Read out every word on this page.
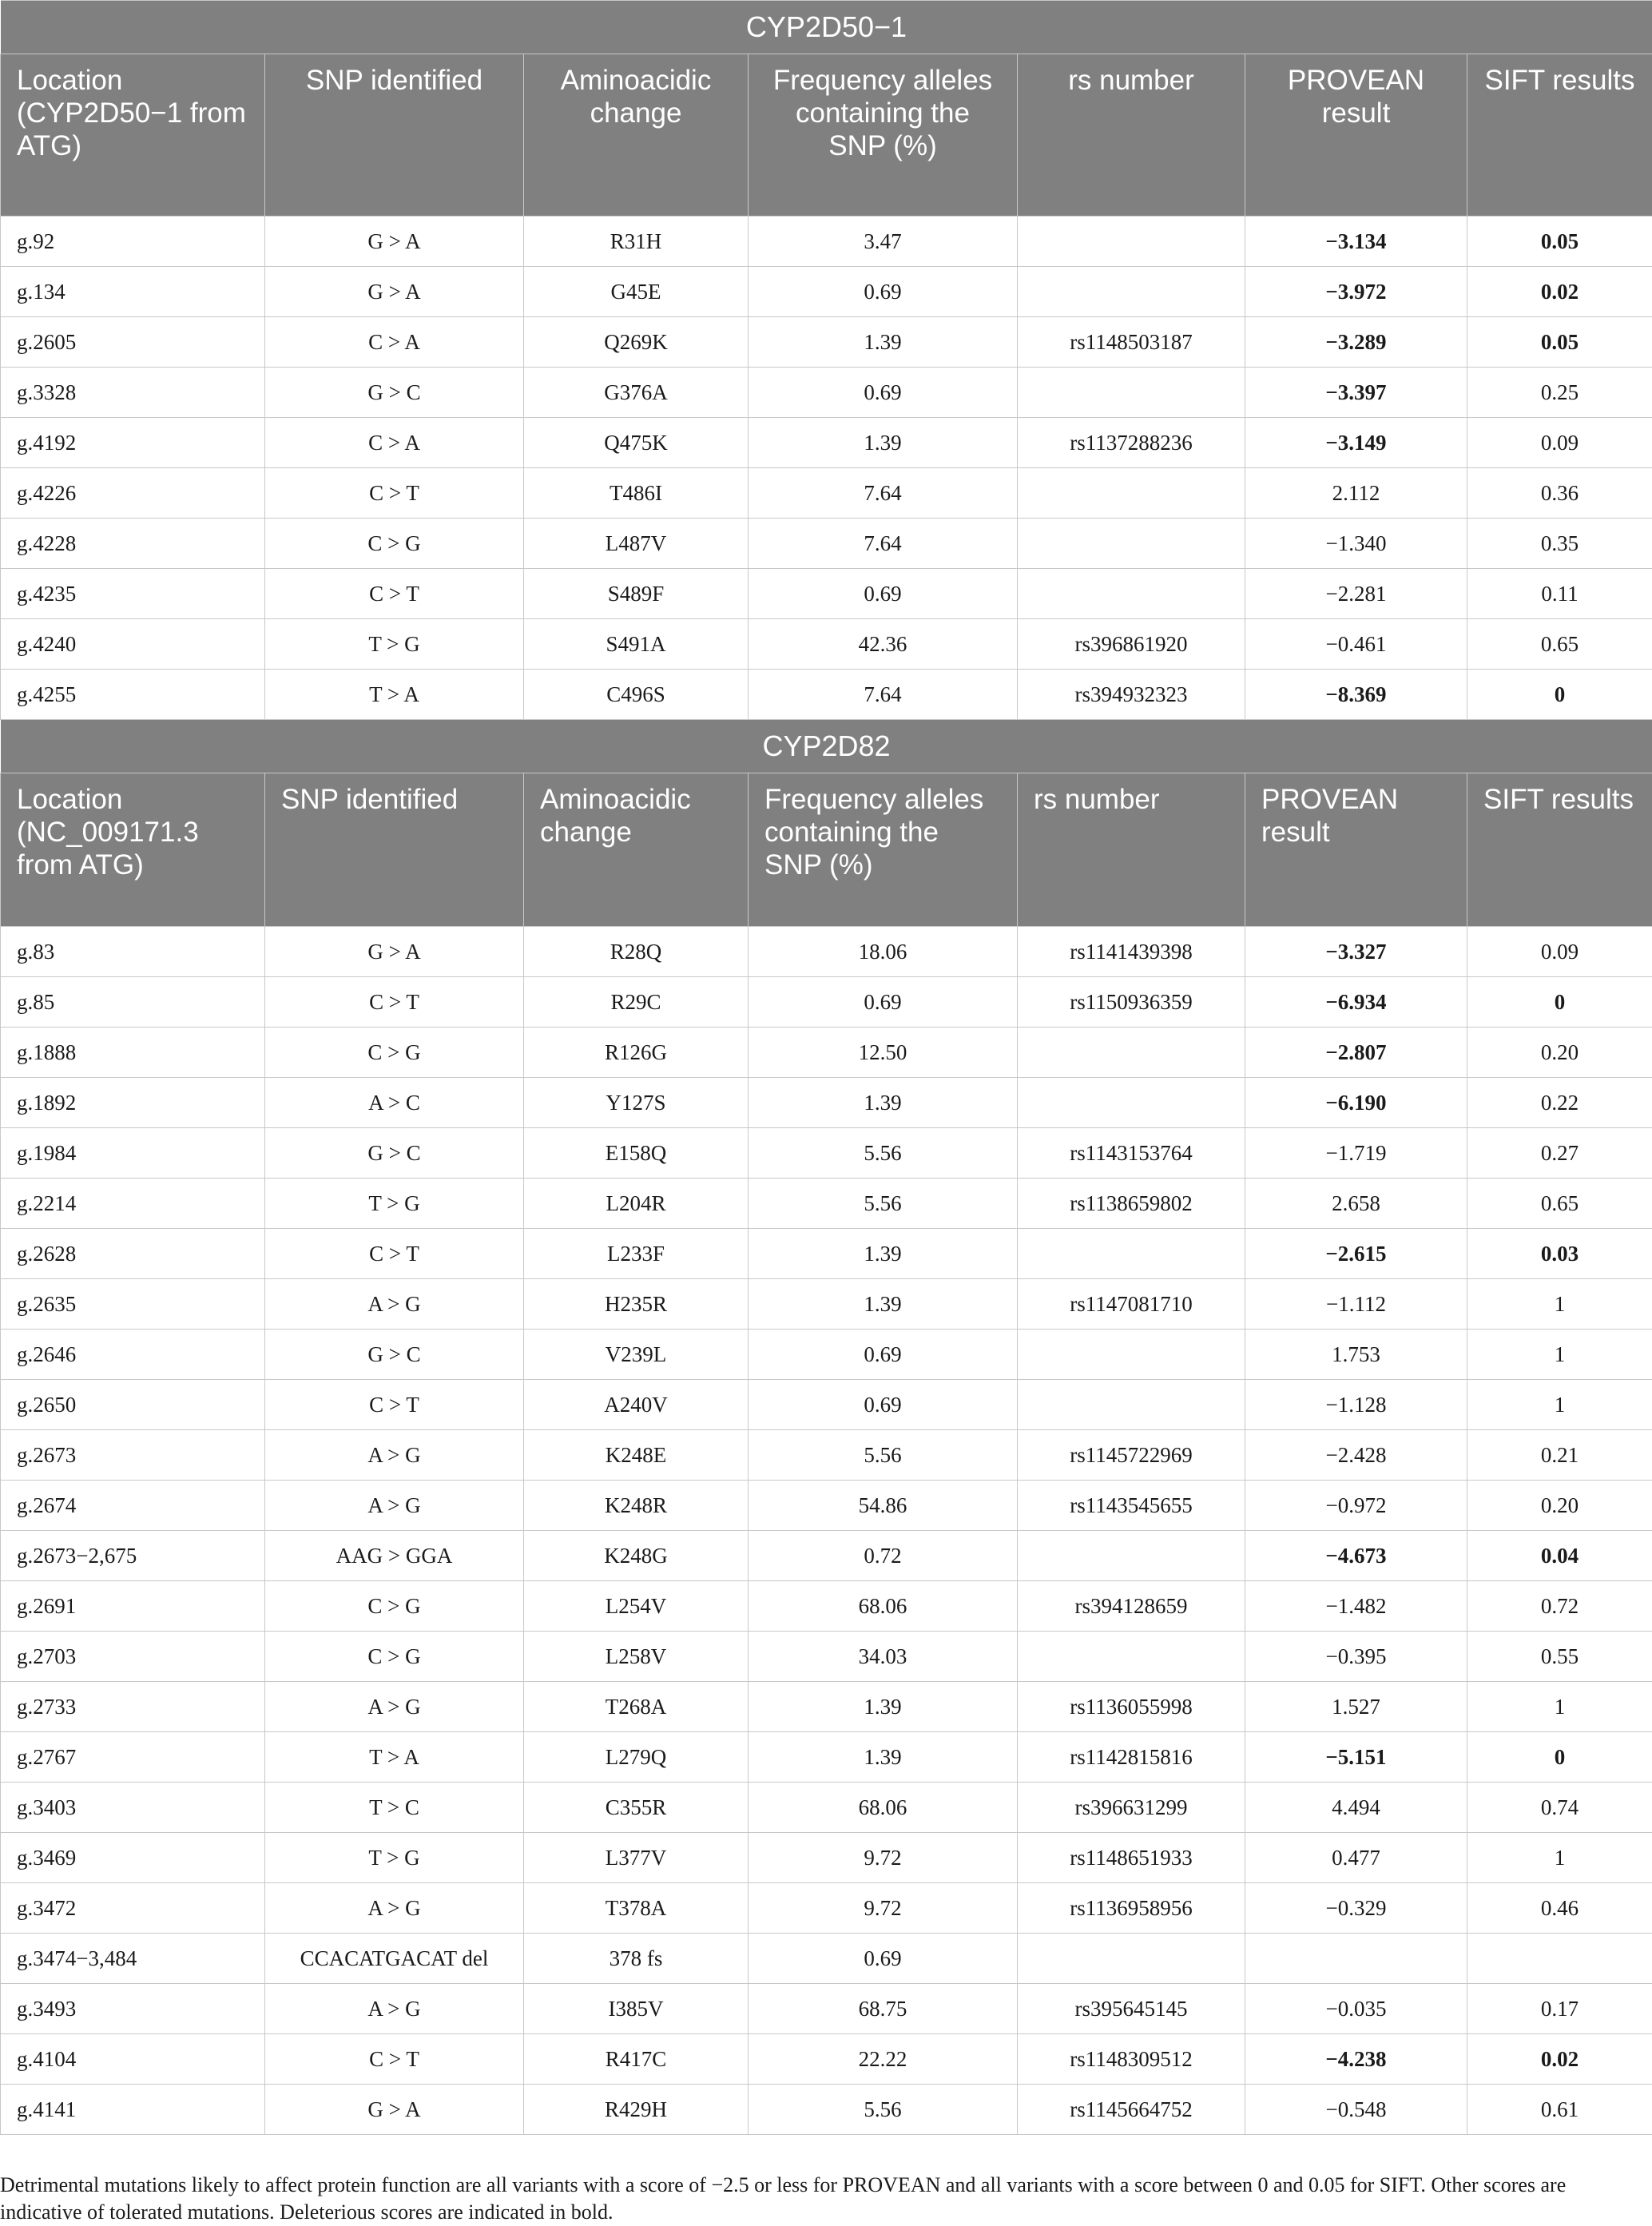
CYP2D50−1						
Location (CYP2D50−1 from ATG)	SNP identified	Aminoacidic change	Frequency alleles containing the SNP (%)	rs number	PROVEAN result	SIFT results
g.92	G > A	R31H	3.47		−3.134	0.05
g.134	G > A	G45E	0.69		−3.972	0.02
g.2605	C > A	Q269K	1.39	rs1148503187	−3.289	0.05
g.3328	G > C	G376A	0.69		−3.397	0.25
g.4192	C > A	Q475K	1.39	rs1137288236	−3.149	0.09
g.4226	C > T	T486I	7.64		2.112	0.36
g.4228	C > G	L487V	7.64		−1.340	0.35
g.4235	C > T	S489F	0.69		−2.281	0.11
g.4240	T > G	S491A	42.36	rs396861920	−0.461	0.65
g.4255	T > A	C496S	7.64	rs394932323	−8.369	0
CYP2D82						
Location (NC_009171.3 from ATG)	SNP identified	Aminoacidic change	Frequency alleles containing the SNP (%)	rs number	PROVEAN result	SIFT results
g.83	G > A	R28Q	18.06	rs1141439398	−3.327	0.09
g.85	C > T	R29C	0.69	rs1150936359	−6.934	0
g.1888	C > G	R126G	12.50		−2.807	0.20
g.1892	A > C	Y127S	1.39		−6.190	0.22
g.1984	G > C	E158Q	5.56	rs1143153764	−1.719	0.27
g.2214	T > G	L204R	5.56	rs1138659802	2.658	0.65
g.2628	C > T	L233F	1.39		−2.615	0.03
g.2635	A > G	H235R	1.39	rs1147081710	−1.112	1
g.2646	G > C	V239L	0.69		1.753	1
g.2650	C > T	A240V	0.69		−1.128	1
g.2673	A > G	K248E	5.56	rs1145722969	−2.428	0.21
g.2674	A > G	K248R	54.86	rs1143545655	−0.972	0.20
g.2673−2,675	AAG > GGA	K248G	0.72		−4.673	0.04
g.2691	C > G	L254V	68.06	rs394128659	−1.482	0.72
g.2703	C > G	L258V	34.03		−0.395	0.55
g.2733	A > G	T268A	1.39	rs1136055998	1.527	1
g.2767	T > A	L279Q	1.39	rs1142815816	−5.151	0
g.3403	T > C	C355R	68.06	rs396631299	4.494	0.74
g.3469	T > G	L377V	9.72	rs1148651933	0.477	1
g.3472	A > G	T378A	9.72	rs1136958956	−0.329	0.46
g.3474−3,484	CCACATGACAT del	378 fs	0.69			
g.3493	A > G	I385V	68.75	rs395645145	−0.035	0.17
g.4104	C > T	R417C	22.22	rs1148309512	−4.238	0.02
g.4141	G > A	R429H	5.56	rs1145664752	−0.548	0.61
Detrimental mutations likely to affect protein function are all variants with a score of −2.5 or less for PROVEAN and all variants with a score between 0 and 0.05 for SIFT. Other scores are indicative of tolerated mutations. Deleterious scores are indicated in bold.
